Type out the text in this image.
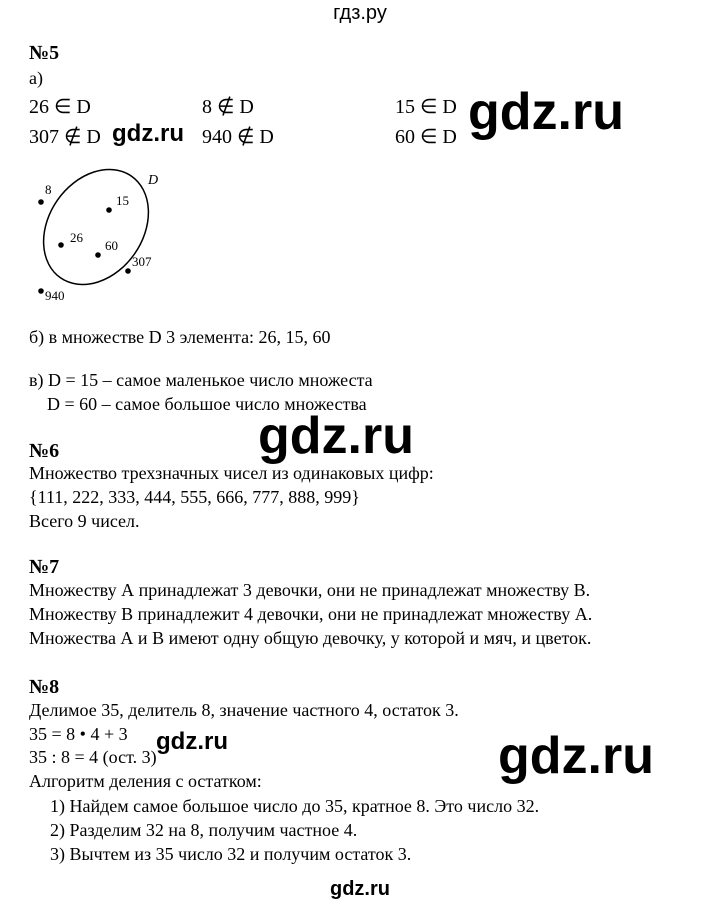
гдз.ру
№5
а)
26 ∈ D	8 ∉ D	15 ∈ D
307 ∉ D	940 ∉ D	60 ∈ D
D
8
15
26
60
307
940
б) в множестве D 3 элемента: 26, 15, 60
в) D = 15 – самое маленькое число множеста
D = 60 – самое большое число множества
№6
Множество трехзначных чисел из одинаковых цифр:
{111, 222, 333, 444, 555, 666, 777, 888, 999}
Всего 9 чисел.
№7
Множеству А принадлежат 3 девочки, они не принадлежат множеству В.
Множеству В принадлежит 4 девочки, они не принадлежат множеству А.
Множества А и В имеют одну общую девочку, у которой и мяч, и цветок.
№8
Делимое 35, делитель 8, значение частного 4, остаток 3.
35 = 8 • 4 + 3
35 : 8 = 4 (ост. 3)
Алгоритм деления с остатком:
1) Найдем самое большое число до 35, кратное 8. Это число 32.
2) Разделим 32 на 8, получим частное 4.
3) Вычтем из 35 число 32 и получим остаток 3.
gdz.ru
gdz.ru
gdz.ru
gdz.ru	gdz.ru
gdz.ru
